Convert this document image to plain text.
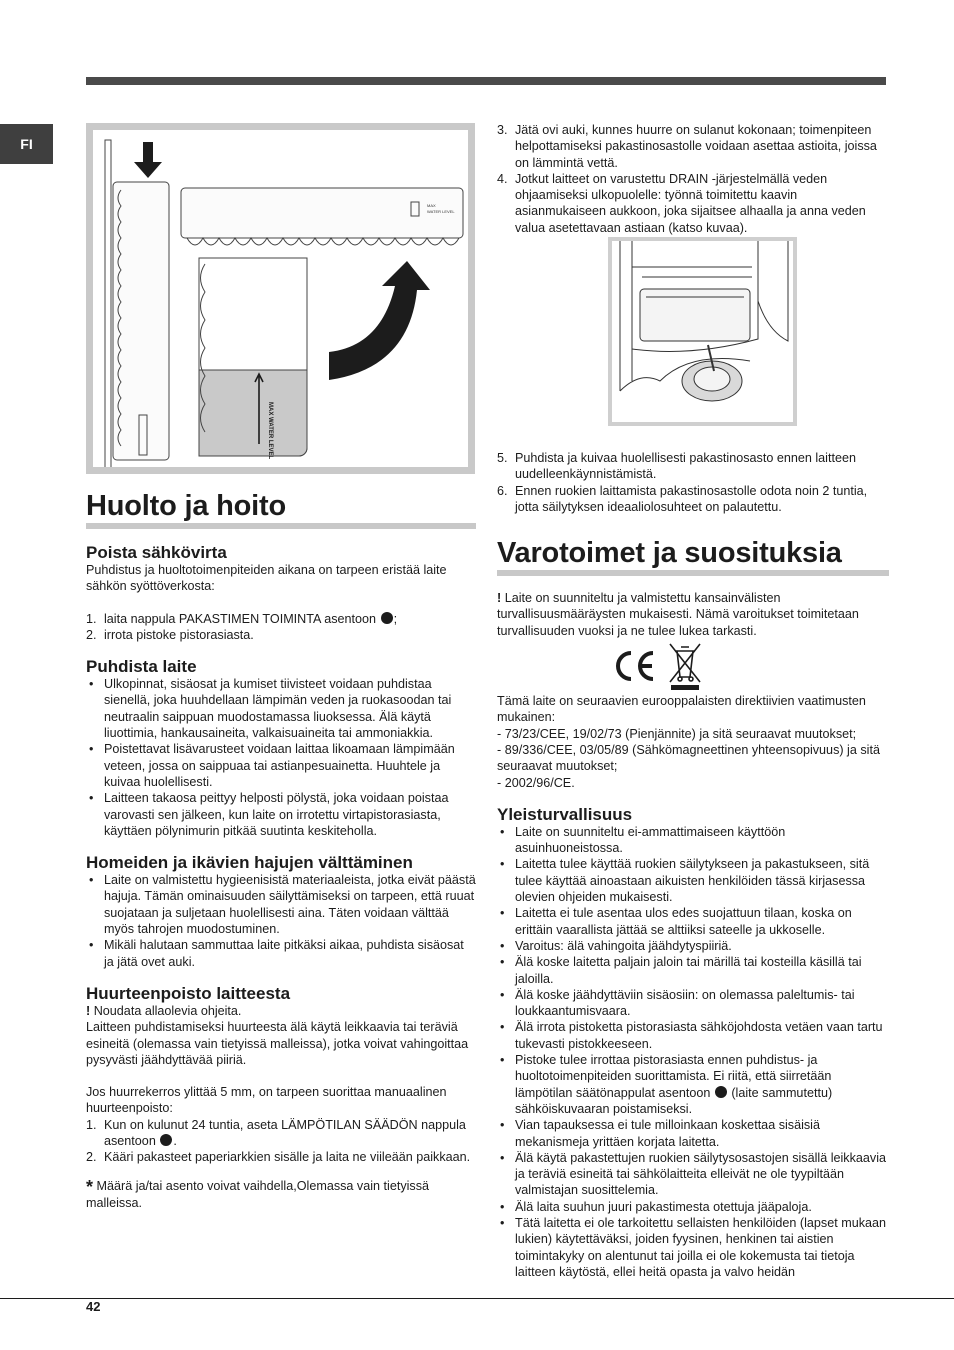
FI
42
MAX
WATER LEVEL
MAX WATER LEVEL
Huolto ja hoito
Poista sähkövirta

Puhdistus ja huoltotoimenpiteiden aikana on tarpeen eristää laite sähkön syöttöverkosta:

1. laita nappula PAKASTIMEN TOIMINTA asentoon ;
2. irrota pistoke pistorasiasta.
Puhdista laite
• Ulkopinnat, sisäosat ja kumiset tiivisteet voidaan puhdistaa sienellä, joka huuhdellaan lämpimän veden ja ruokasoodan tai neutraalin saippuan muodostamassa liuoksessa. Älä käytä liuottimia, hankausaineita, valkaisuaineita tai ammoniakkia.
• Poistettavat lisävarusteet voidaan laittaa likoamaan lämpimään veteen, jossa on saippuaa tai astianpesuainetta. Huuhtele ja kuivaa huolellisesti.
• Laitteen takaosa peittyy helposti pölystä, joka voidaan poistaa varovasti sen jälkeen, kun laite on irrotettu virtapistorasiasta, käyttäen pölynimurin pitkää suutinta keskiteholla.
Homeiden ja ikävien hajujen välttäminen
• Laite on valmistettu hygieenisistä materiaaleista, jotka eivät päästä hajuja. Tämän ominaisuuden säilyttämiseksi on tarpeen, että ruuat suojataan ja suljetaan huolellisesti aina. Täten voidaan välttää myös tahrojen muodostuminen.
• Mikäli halutaan sammuttaa laite pitkäksi aikaa, puhdista sisäosat ja jätä ovet auki.
Huurteenpoisto laitteesta

! Noudata allaolevia ohjeita.

Laitteen puhdistamiseksi huurteesta älä käytä leikkaavia tai teräviä esineitä (olemassa vain tietyissä malleissa), jotka voivat vahingoittaa pysyvästi jäähdyttävää piiriä.

Jos huurrekerros ylittää 5 mm, on tarpeen suorittaa manuaalinen huurteenpoisto:

1. Kun on kulunut 24 tuntia, aseta LÄMPÖTILAN SÄÄDÖN nappula asentoon .
2. Kääri pakasteet paperiarkkien sisälle ja laita ne viileään paikkaan.

* Määrä ja/tai asento voivat vaihdella,Olemassa vain tietyissä malleissa.

3. Jätä ovi auki, kunnes huurre on sulanut kokonaan; toimenpiteen helpottamiseksi pakastinosastolle voidaan asettaa astioita, joissa on lämmintä vettä.
4. Jotkut laitteet on varustettu DRAIN -järjestelmällä veden ohjaamiseksi ulkopuolelle: työnnä toimitettu kaavin asianmukaiseen aukkoon, joka sijaitsee alhaalla ja anna veden valua asetettavaan astiaan (katso kuvaa).
5. Puhdista ja kuivaa huolellisesti pakastinosasto ennen laitteen uudelleenkäynnistämistä.
6. Ennen ruokien laittamista pakastinosastolle odota noin 2 tuntia, jotta säilytyksen ideaaliolosuhteet on palautettu.
Varotoimet ja suosituksia

! Laite on suunniteltu ja valmistettu kansainvälisten turvallisuusmääräysten mukaisesti. Nämä varoitukset toimitetaan turvallisuuden vuoksi ja ne tulee lukea tarkasti.

Tämä laite on seuraavien eurooppalaisten direktiivien vaatimusten mukainen:

- 73/23/CEE, 19/02/73 (Pienjännite) ja sitä seuraavat muutokset;

- 89/336/CEE, 03/05/89 (Sähkömagneettinen yhteensopivuus) ja sitä seuraavat muutokset;

- 2002/96/CE.

Yleisturvallisuus
• Laite on suunniteltu ei-ammattimaiseen käyttöön asuinhuoneistossa.
• Laitetta tulee käyttää ruokien säilytykseen ja pakastukseen, sitä tulee käyttää ainoastaan aikuisten henkilöiden tässä kirjasessa olevien ohjeiden mukaisesti.
• Laitetta ei tule asentaa ulos edes suojattuun tilaan, koska on erittäin vaarallista jättää se alttiiksi sateelle ja ukkoselle.
• Varoitus: älä vahingoita jäähdytyspiiriä.
• Älä koske laitetta paljain jaloin tai märillä tai kosteilla käsillä tai jaloilla.
• Älä koske jäähdyttäviin sisäosiin: on olemassa paleltumis- tai loukkaantumisvaara.
• Älä irrota pistoketta pistorasiasta sähköjohdosta vetäen vaan tartu tukevasti pistokkeeseen.
• Pistoke tulee irrottaa pistorasiasta ennen puhdistus- ja huoltotoimenpiteiden suorittamista. Ei riitä, että siirretään lämpötilan säätönappulat asentoon (laite sammutettu) sähköiskuvaaran poistamiseksi.
• Vian tapauksessa ei tule milloinkaan koskettaa sisäisiä mekanismeja yrittäen korjata laitetta.
• Älä käytä pakastettujen ruokien säilytysosastojen sisällä leikkaavia ja teräviä esineitä tai sähkölaitteita elleivät ne ole tyypiltään valmistajan suosittelemia.
• Älä laita suuhun juuri pakastimesta otettuja jääpaloja.
• Tätä laitetta ei ole tarkoitettu sellaisten henkilöiden (lapset mukaan lukien) käytettäväksi, joiden fyysinen, henkinen tai aistien toimintakyky on alentunut tai joilla ei ole kokemusta tai tietoja laitteen käytöstä, ellei heitä opasta ja valvo heidän
